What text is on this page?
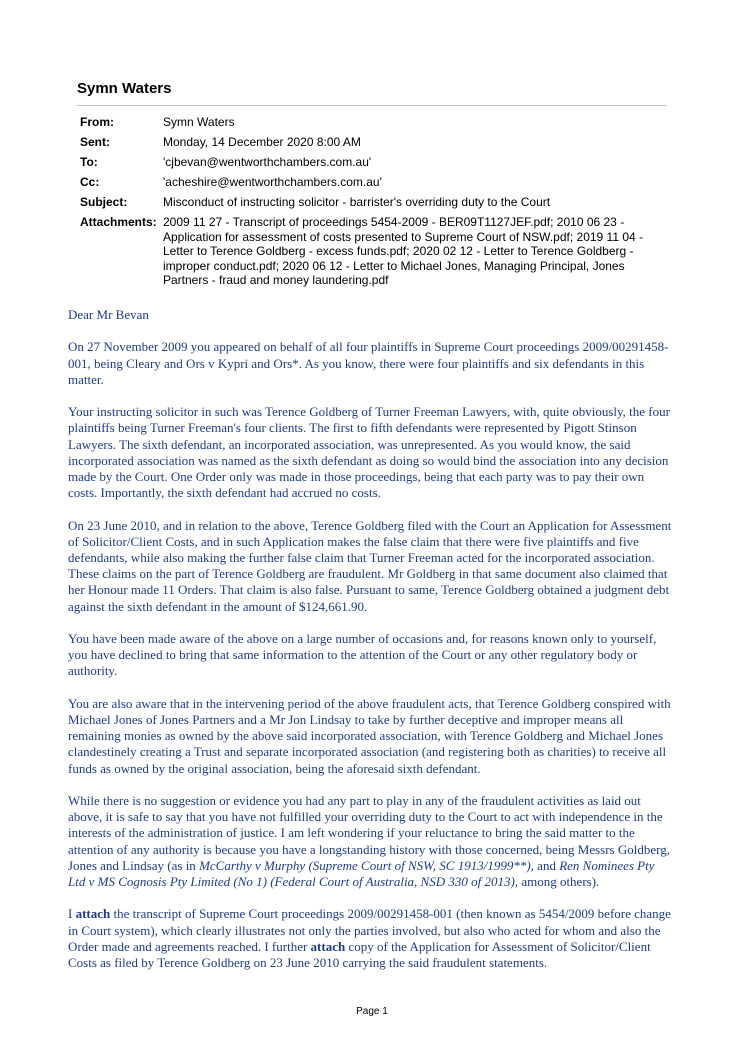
Symn Waters
From:	Symn Waters
Sent:	Monday, 14 December 2020 8:00 AM
To:	'cjbevan@wentworthchambers.com.au'
Cc:	'acheshire@wentworthchambers.com.au'
Subject:	Misconduct of instructing solicitor - barrister's overriding duty to the Court
Attachments:	2009 11 27 - Transcript of proceedings 5454-2009 - BER09T1127JEF.pdf; 2010 06 23 - Application for assessment of costs presented to Supreme Court of NSW.pdf; 2019 11 04 - Letter to Terence Goldberg - excess funds.pdf; 2020 02 12 - Letter to Terence Goldberg - improper conduct.pdf; 2020 06 12 - Letter to Michael Jones, Managing Principal, Jones Partners - fraud and money laundering.pdf

Dear Mr Bevan

On 27 November 2009 you appeared on behalf of all four plaintiffs in Supreme Court proceedings 2009/00291458-001, being Cleary and Ors v Kypri and Ors*. As you know, there were four plaintiffs and six defendants in this matter.

Your instructing solicitor in such was Terence Goldberg of Turner Freeman Lawyers, with, quite obviously, the four plaintiffs being Turner Freeman's four clients. The first to fifth defendants were represented by Pigott Stinson Lawyers. The sixth defendant, an incorporated association, was unrepresented. As you would know, the said incorporated association was named as the sixth defendant as doing so would bind the association into any decision made by the Court. One Order only was made in those proceedings, being that each party was to pay their own costs. Importantly, the sixth defendant had accrued no costs.

On 23 June 2010, and in relation to the above, Terence Goldberg filed with the Court an Application for Assessment of Solicitor/Client Costs, and in such Application makes the false claim that there were five plaintiffs and five defendants, while also making the further false claim that Turner Freeman acted for the incorporated association. These claims on the part of Terence Goldberg are fraudulent. Mr Goldberg in that same document also claimed that her Honour made 11 Orders. That claim is also false. Pursuant to same, Terence Goldberg obtained a judgment debt against the sixth defendant in the amount of $124,661.90.

You have been made aware of the above on a large number of occasions and, for reasons known only to yourself, you have declined to bring that same information to the attention of the Court or any other regulatory body or authority.

You are also aware that in the intervening period of the above fraudulent acts, that Terence Goldberg conspired with Michael Jones of Jones Partners and a Mr Jon Lindsay to take by further deceptive and improper means all remaining monies as owned by the above said incorporated association, with Terence Goldberg and Michael Jones clandestinely creating a Trust and separate incorporated association (and registering both as charities) to receive all funds as owned by the original association, being the aforesaid sixth defendant.

While there is no suggestion or evidence you had any part to play in any of the fraudulent activities as laid out above, it is safe to say that you have not fulfilled your overriding duty to the Court to act with independence in the interests of the administration of justice. I am left wondering if your reluctance to bring the said matter to the attention of any authority is because you have a longstanding history with those concerned, being Messrs Goldberg, Jones and Lindsay (as in McCarthy v Murphy (Supreme Court of NSW, SC 1913/1999**), and Ren Nominees Pty Ltd v MS Cognosis Pty Limited (No 1) (Federal Court of Australia, NSD 330 of 2013), among others).

I attach the transcript of Supreme Court proceedings 2009/00291458-001 (then known as 5454/2009 before change in Court system), which clearly illustrates not only the parties involved, but also who acted for whom and also the Order made and agreements reached. I further attach copy of the Application for Assessment of Solicitor/Client Costs as filed by Terence Goldberg on 23 June 2010 carrying the said fraudulent statements.

Page 1
